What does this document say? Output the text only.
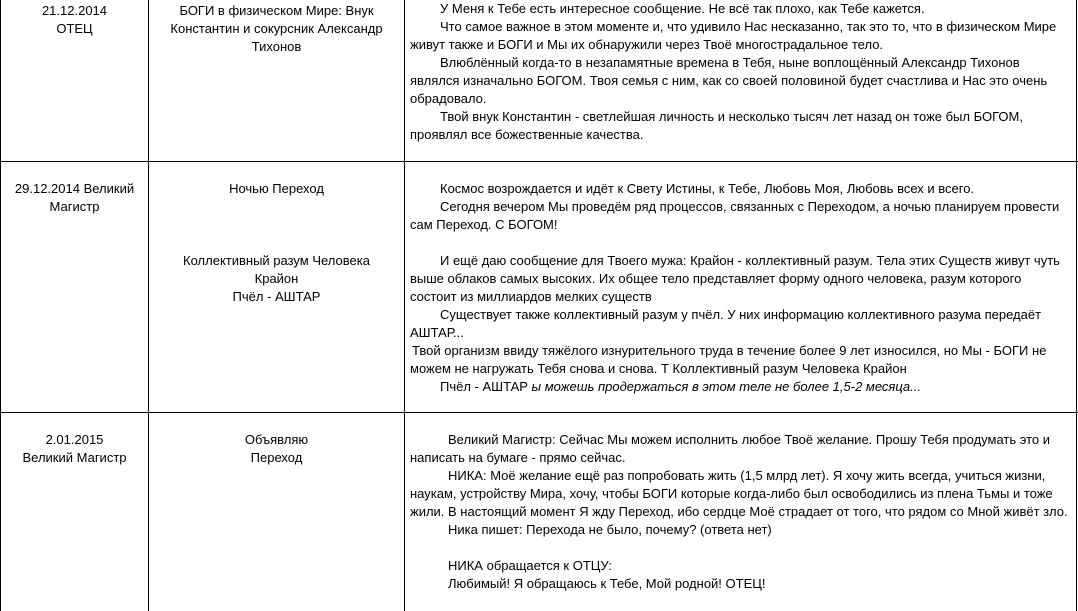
21.12.2014
ОТЕЦ
БОГИ в физическом Мире: Внук
Константин и сокурсник Александр
Тихонов
У Меня к Тебе есть интересное сообщение. Не всё так плохо, как Тебе кажется.
Что самое важное в этом моменте и, что удивило Нас несказанно, так это то, что в физическом Мире живут также и БОГИ и Мы их обнаружили через Твоё многострадальное тело.
Влюблённый когда-то в незапамятные времена в Тебя, ныне воплощённый Александр Тихонов являлся изначально БОГОМ. Твоя семья с ним, как со своей половиной будет счастлива и Нас это очень обрадовало.
Твой внук Константин - светлейшая личность и несколько тысяч лет назад он тоже был БОГОМ, проявлял все божественные качества.
29.12.2014 Великий
Магистр
Ночью Переход
Коллективный разум Человека
Крайон
Пчёл - АШТАР
Космос возрождается и идёт к Свету Истины, к Тебе, Любовь Моя, Любовь всех и всего.
Сегодня вечером Мы проведём ряд процессов, связанных с Переходом, а ночью планируем провести сам Переход. С БОГОМ!
И ещё даю сообщение для Твоего мужа: Крайон - коллективный разум. Тела этих Существ живут чуть выше облаков самых высоких. Их общее тело представляет форму одного человека, разум которого состоит из миллиардов мелких существ
Существует также коллективный разум у пчёл. У них информацию коллективного разума передаёт АШТАР...
Твой организм ввиду тяжёлого изнурительного труда в течение более 9 лет износился, но Мы - БОГИ не можем не нагружать Тебя снова и снова. Т Коллективный разум Человека Крайон
Пчёл - АШТАР ы можешь продержаться в этом теле не более 1,5-2 месяца...
2.01.2015
Великий Магистр
Объявляю
Переход
Великий Магистр: Сейчас Мы можем исполнить любое Твоё желание. Прошу Тебя продумать это и написать на бумаге - прямо сейчас.
НИКА: Моё желание ещё раз попробовать жить (1,5 млрд лет). Я хочу жить всегда, учиться жизни, наукам, устройству Мира, хочу, чтобы БОГИ которые когда-либо был освободились из плена Тьмы и тоже жили. В настоящий момент Я жду Переход, ибо сердце Моё страдает от того, что рядом со Мной живёт зло.
Ника пишет: Перехода не было, почему? (ответа нет)
НИКА обращается к ОТЦУ:
Любимый! Я обращаюсь к Тебе, Мой родной! ОТЕЦ!
